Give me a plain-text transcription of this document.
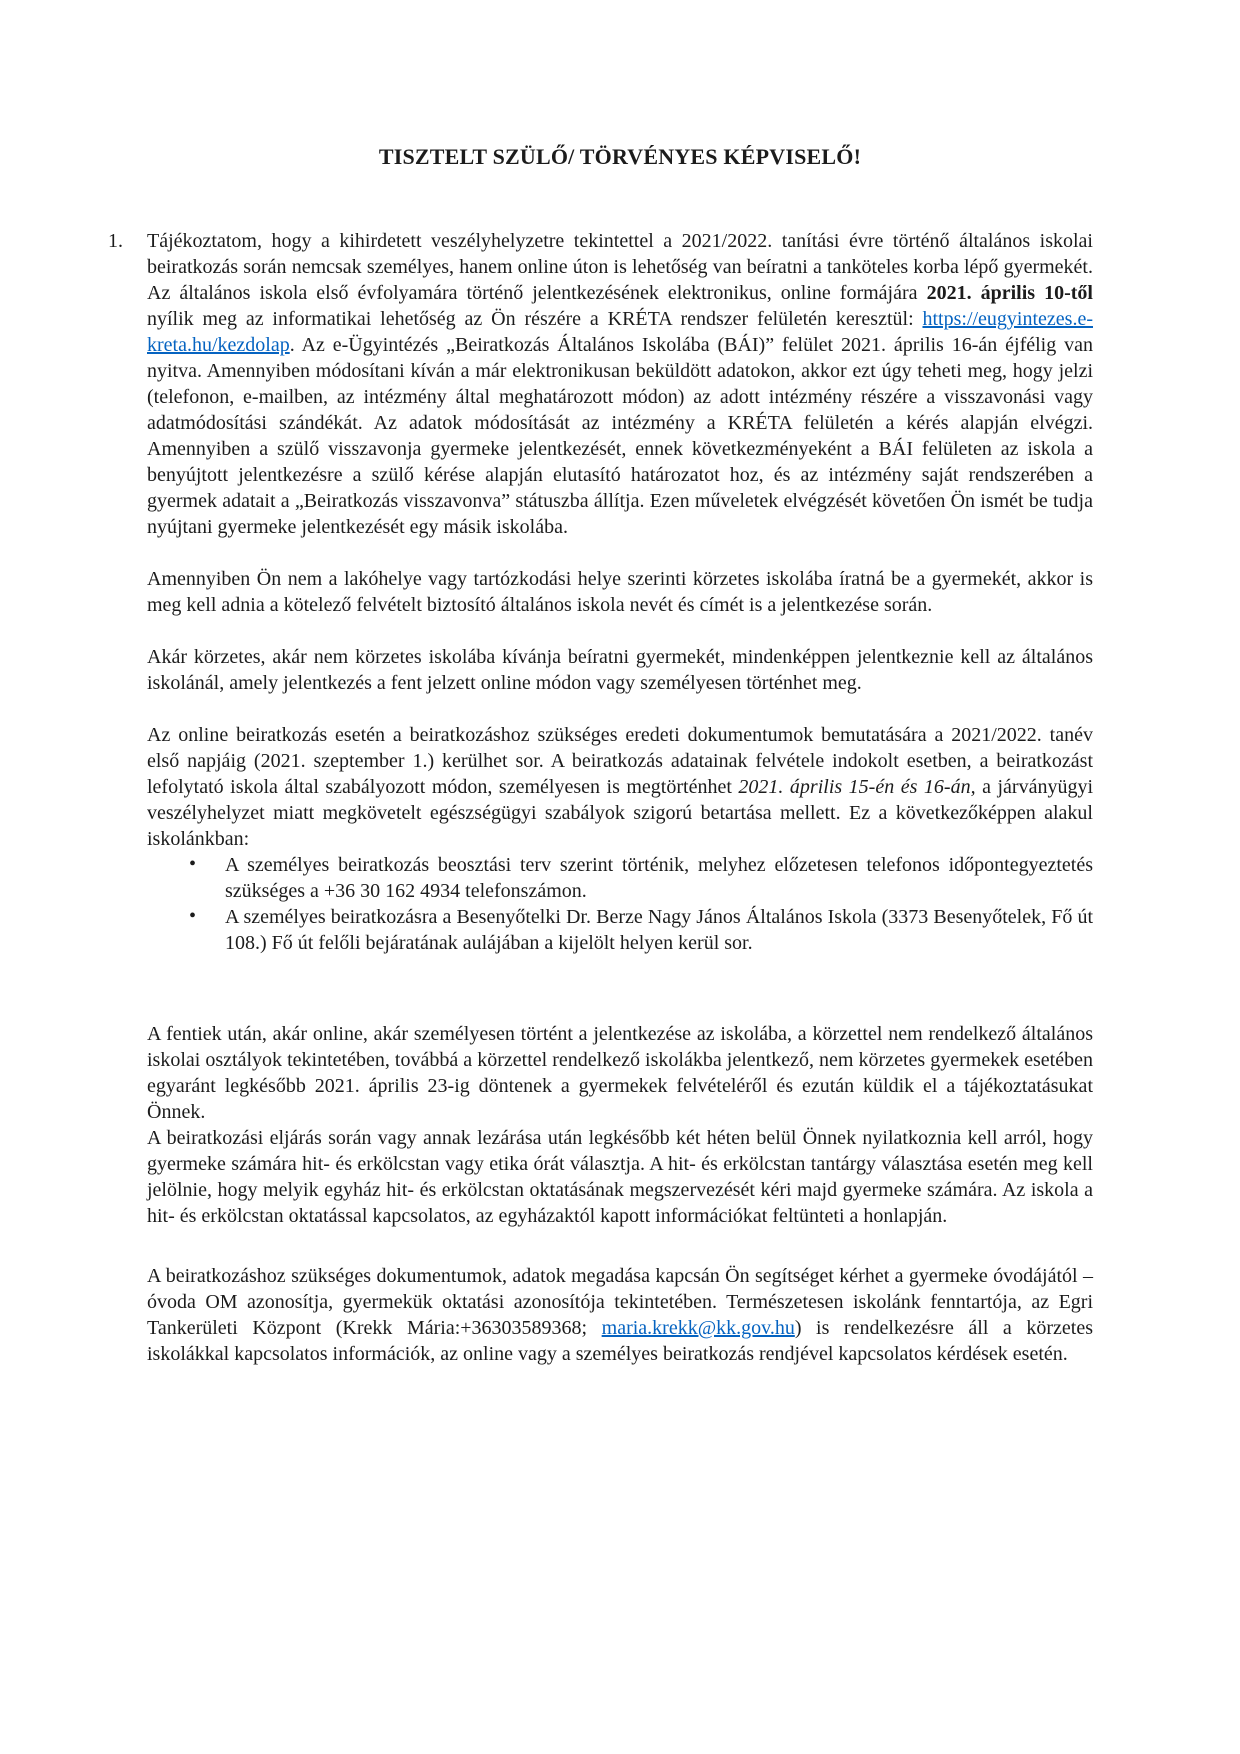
TISZTELT SZÜLŐ/ TÖRVÉNYES KÉPVISELŐ!
1. Tájékoztatom, hogy a kihirdetett veszélyhelyzetre tekintettel a 2021/2022. tanítási évre történő általános iskolai beiratkozás során nemcsak személyes, hanem online úton is lehetőség van beíratni a tanköteles korba lépő gyermekét. Az általános iskola első évfolyamára történő jelentkezésének elektronikus, online formájára 2021. április 10-től nyílik meg az informatikai lehetőség az Ön részére a KRÉTA rendszer felületén keresztül: https://eugyintezes.e-kreta.hu/kezdolap. Az e-Ügyintézés „Beiratkozás Általános Iskolába (BÁI)” felület 2021. április 16-án éjfélig van nyitva. Amennyiben módosítani kíván a már elektronikusan beküldött adatokon, akkor ezt úgy teheti meg, hogy jelzi (telefonon, e-mailben, az intézmény által meghatározott módon) az adott intézmény részére a visszavonási vagy adatmódosítási szándékát. Az adatok módosítását az intézmény a KRÉTA felületén a kérés alapján elvégzi. Amennyiben a szülő visszavonja gyermeke jelentkezését, ennek következményeként a BÁI felületen az iskola a benyújtott jelentkezésre a szülő kérése alapján elutasító határozatot hoz, és az intézmény saját rendszerében a gyermek adatait a „Beiratkozás visszavonva” státuszba állítja. Ezen műveletek elvégzését követően Ön ismét be tudja nyújtani gyermeke jelentkezését egy másik iskolába.

Amennyiben Ön nem a lakóhelye vagy tartózkodási helye szerinti körzetes iskolába íratná be a gyermekét, akkor is meg kell adnia a kötelező felvételt biztosító általános iskola nevét és címét is a jelentkezése során.

Akár körzetes, akár nem körzetes iskolába kívánja beíratni gyermekét, mindenképpen jelentkeznie kell az általános iskolánál, amely jelentkezés a fent jelzett online módon vagy személyesen történhet meg.

Az online beiratkozás esetén a beiratkozáshoz szükséges eredeti dokumentumok bemutatására a 2021/2022. tanév első napjáig (2021. szeptember 1.) kerülhet sor. A beiratkozás adatainak felvétele indokolt esetben, a beiratkozást lefolytató iskola által szabályozott módon, személyesen is megtörténhet 2021. április 15-én és 16-án, a járványügyi veszélyhelyzet miatt megkövetelt egészségügyi szabályok szigorú betartása mellett. Ez a következőképpen alakul iskolánkban:

• A személyes beiratkozás beosztási terv szerint történik, melyhez előzetesen telefonos időpontegyeztetés szükséges a +36 30 162 4934 telefonszámon.
• A személyes beiratkozásra a Besenyőtelki Dr. Berze Nagy János Általános Iskola (3373 Besenyőtelek, Fő út 108.) Fő út felőli bejáratának aulájában a kijelölt helyen kerül sor.

A fentiek után, akár online, akár személyesen történt a jelentkezése az iskolába, a körzettel nem rendelkező általános iskolai osztályok tekintetében, továbbá a körzettel rendelkező iskolákba jelentkező, nem körzetes gyermekek esetében egyaránt legkésőbb 2021. április 23-ig döntenek a gyermekek felvételéről és ezután küldik el a tájékoztatásukat Önnek.

A beiratkozási eljárás során vagy annak lezárása után legkésőbb két héten belül Önnek nyilatkoznia kell arról, hogy gyermeke számára hit- és erkölcstan vagy etika órát választja. A hit- és erkölcstan tantárgy választása esetén meg kell jelölnie, hogy melyik egyház hit- és erkölcstan oktatásának megszervezését kéri majd gyermeke számára. Az iskola a hit- és erkölcstan oktatással kapcsolatos, az egyházaktól kapott információkat feltünteti a honlapján.

A beiratkozáshoz szükséges dokumentumok, adatok megadása kapcsán Ön segítséget kérhet a gyermeke óvodájától – óvoda OM azonosítja, gyermekük oktatási azonosítója tekintetében. Természetesen iskolánk fenntartója, az Egri Tankerületi Központ (Krekk Mária:+36303589368; maria.krekk@kk.gov.hu) is rendelkezésre áll a körzetes iskolákkal kapcsolatos információk, az online vagy a személyes beiratkozás rendjével kapcsolatos kérdések esetén.
